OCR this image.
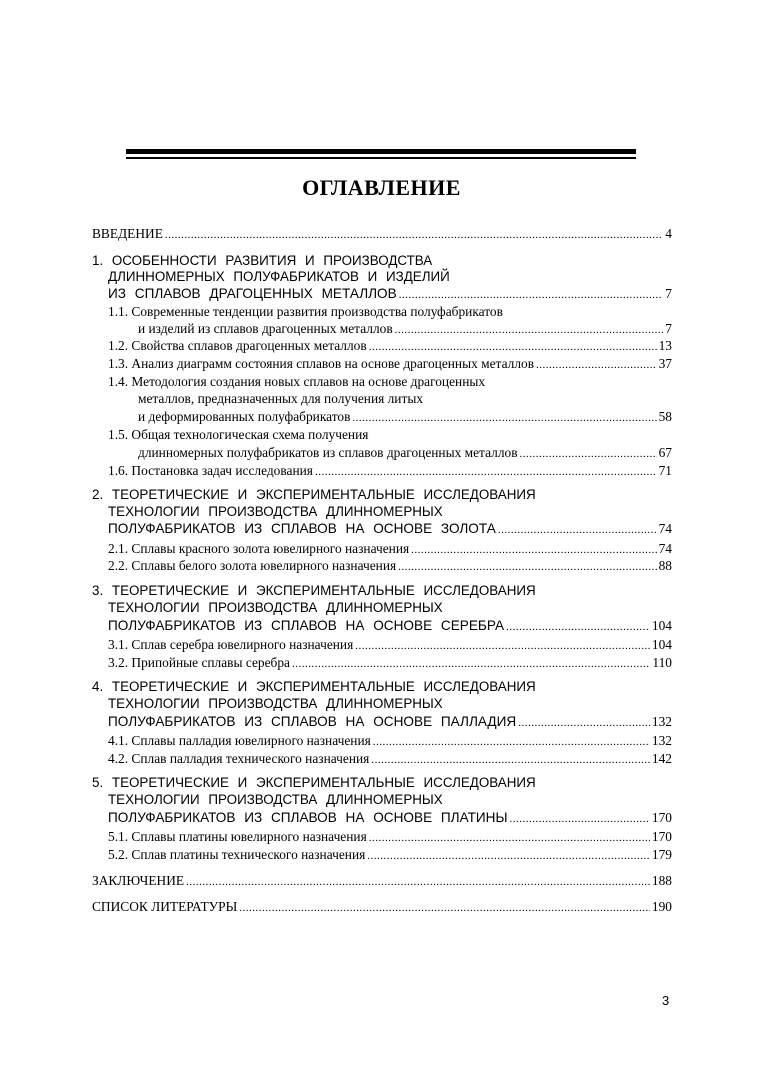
ОГЛАВЛЕНИЕ
ВВЕДЕНИЕ .....	4
1. ОСОБЕННОСТИ РАЗВИТИЯ И ПРОИЗВОДСТВА
ДЛИННОМЕРНЫХ ПОЛУФАБРИКАТОВ И ИЗДЕЛИЙ
ИЗ СПЛАВОВ ДРАГОЦЕННЫХ МЕТАЛЛОВ .....	7
1.1. Современные тенденции развития производства полуфабрикатов
и изделий из сплавов драгоценных металлов .....	7
1.2. Свойства сплавов драгоценных металлов .....	13
1.3. Анализ диаграмм состояния сплавов на основе драгоценных металлов .....	37
1.4. Методология создания новых сплавов на основе драгоценных
металлов, предназначенных для получения литых
и деформированных полуфабрикатов .....	58
1.5. Общая технологическая схема получения
длинномерных полуфабрикатов из сплавов драгоценных металлов .....	67
1.6. Постановка задач исследования .....	71
2. ТЕОРЕТИЧЕСКИЕ И ЭКСПЕРИМЕНТАЛЬНЫЕ ИССЛЕДОВАНИЯ
ТЕХНОЛОГИИ ПРОИЗВОДСТВА ДЛИННОМЕРНЫХ
ПОЛУФАБРИКАТОВ ИЗ СПЛАВОВ НА ОСНОВЕ ЗОЛОТА .....	74
2.1. Сплавы красного золота ювелирного назначения .....	74
2.2. Сплавы белого золота ювелирного назначения .....	88
3. ТЕОРЕТИЧЕСКИЕ И ЭКСПЕРИМЕНТАЛЬНЫЕ ИССЛЕДОВАНИЯ
ТЕХНОЛОГИИ ПРОИЗВОДСТВА ДЛИННОМЕРНЫХ
ПОЛУФАБРИКАТОВ ИЗ СПЛАВОВ НА ОСНОВЕ СЕРЕБРА .....	104
3.1. Сплав серебра ювелирного назначения .....	104
3.2. Припойные сплавы серебра .....	110
4. ТЕОРЕТИЧЕСКИЕ И ЭКСПЕРИМЕНТАЛЬНЫЕ ИССЛЕДОВАНИЯ
ТЕХНОЛОГИИ ПРОИЗВОДСТВА ДЛИННОМЕРНЫХ
ПОЛУФАБРИКАТОВ ИЗ СПЛАВОВ НА ОСНОВЕ ПАЛЛАДИЯ .....	132
4.1. Сплавы палладия ювелирного назначения .....	132
4.2. Сплав палладия технического назначения .....	142
5. ТЕОРЕТИЧЕСКИЕ И ЭКСПЕРИМЕНТАЛЬНЫЕ ИССЛЕДОВАНИЯ
ТЕХНОЛОГИИ ПРОИЗВОДСТВА ДЛИННОМЕРНЫХ
ПОЛУФАБРИКАТОВ ИЗ СПЛАВОВ НА ОСНОВЕ ПЛАТИНЫ .....	170
5.1. Сплавы платины ювелирного назначения .....	170
5.2. Сплав платины технического назначения .....	179
ЗАКЛЮЧЕНИЕ .....	188
СПИСОК ЛИТЕРАТУРЫ .....	190
3
